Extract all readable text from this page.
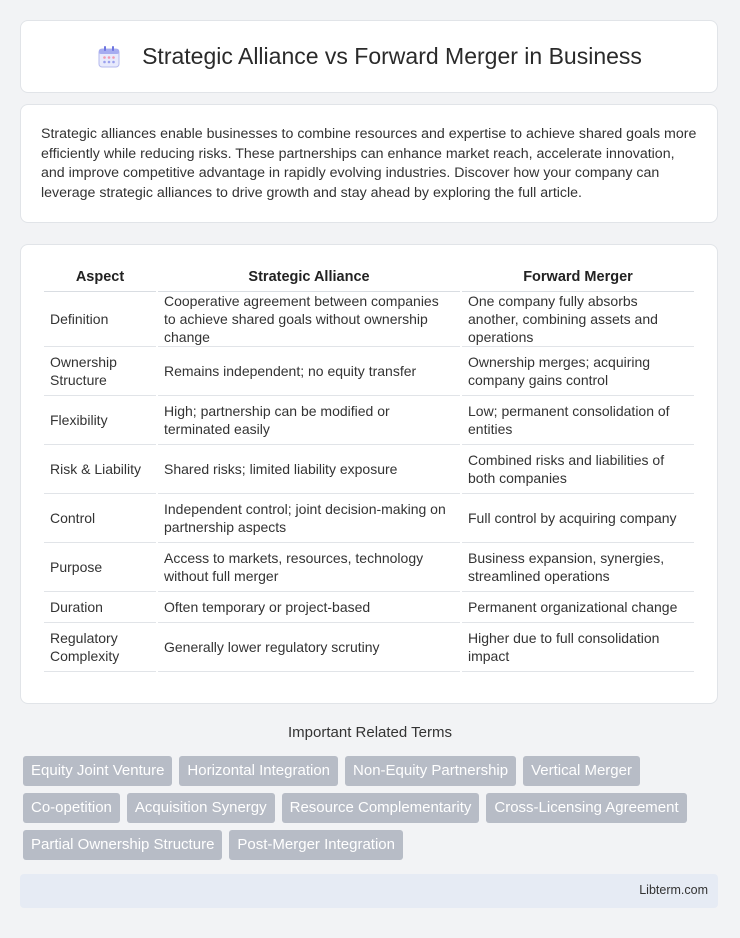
Strategic Alliance vs Forward Merger in Business

Strategic alliances enable businesses to combine resources and expertise to achieve shared goals more efficiently while reducing risks. These partnerships can enhance market reach, accelerate innovation, and improve competitive advantage in rapidly evolving industries. Discover how your company can leverage strategic alliances to drive growth and stay ahead by exploring the full article.

Aspect	Strategic Alliance	Forward Merger
Definition	Cooperative agreement between companies to achieve shared goals without ownership change	One company fully absorbs another, combining assets and operations
Ownership Structure	Remains independent; no equity transfer	Ownership merges; acquiring company gains control
Flexibility	High; partnership can be modified or terminated easily	Low; permanent consolidation of entities
Risk & Liability	Shared risks; limited liability exposure	Combined risks and liabilities of both companies
Control	Independent control; joint decision-making on partnership aspects	Full control by acquiring company
Purpose	Access to markets, resources, technology without full merger	Business expansion, synergies, streamlined operations
Duration	Often temporary or project-based	Permanent organizational change
Regulatory Complexity	Generally lower regulatory scrutiny	Higher due to full consolidation impact
Important Related Terms
Equity Joint Venture	Horizontal Integration	Non-Equity Partnership	Vertical Merger
Co-opetition	Acquisition Synergy	Resource Complementarity	Cross-Licensing Agreement
Partial Ownership Structure	Post-Merger Integration
Libterm.com
